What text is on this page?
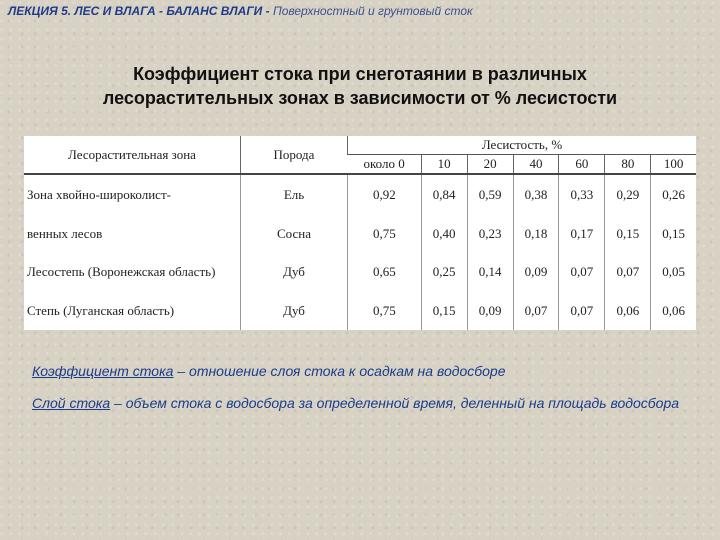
ЛЕКЦИЯ 5. ЛЕС И ВЛАГА - БАЛАНС ВЛАГИ - Поверхностный и грунтовый сток
Коэффициент стока при снеготаянии в различных
лесорастительных зонах в зависимости от % лесистости
Лесорастительная зона	Порода	Лесистость, %						
		около 0	10	20	40	60	80	100
Зона хвойно-широколист-	Ель	0,92	0,84	0,59	0,38	0,33	0,29	0,26
венных лесов	Сосна	0,75	0,40	0,23	0,18	0,17	0,15	0,15
Лесостепь (Воронежская область)	Дуб	0,65	0,25	0,14	0,09	0,07	0,07	0,05
Степь (Луганская область)	Дуб	0,75	0,15	0,09	0,07	0,07	0,06	0,06
Коэффициент стока – отношение слоя стока к осадкам на водосборе
Слой стока – объем стока с водосбора за определенной время, деленный на площадь водосбора
